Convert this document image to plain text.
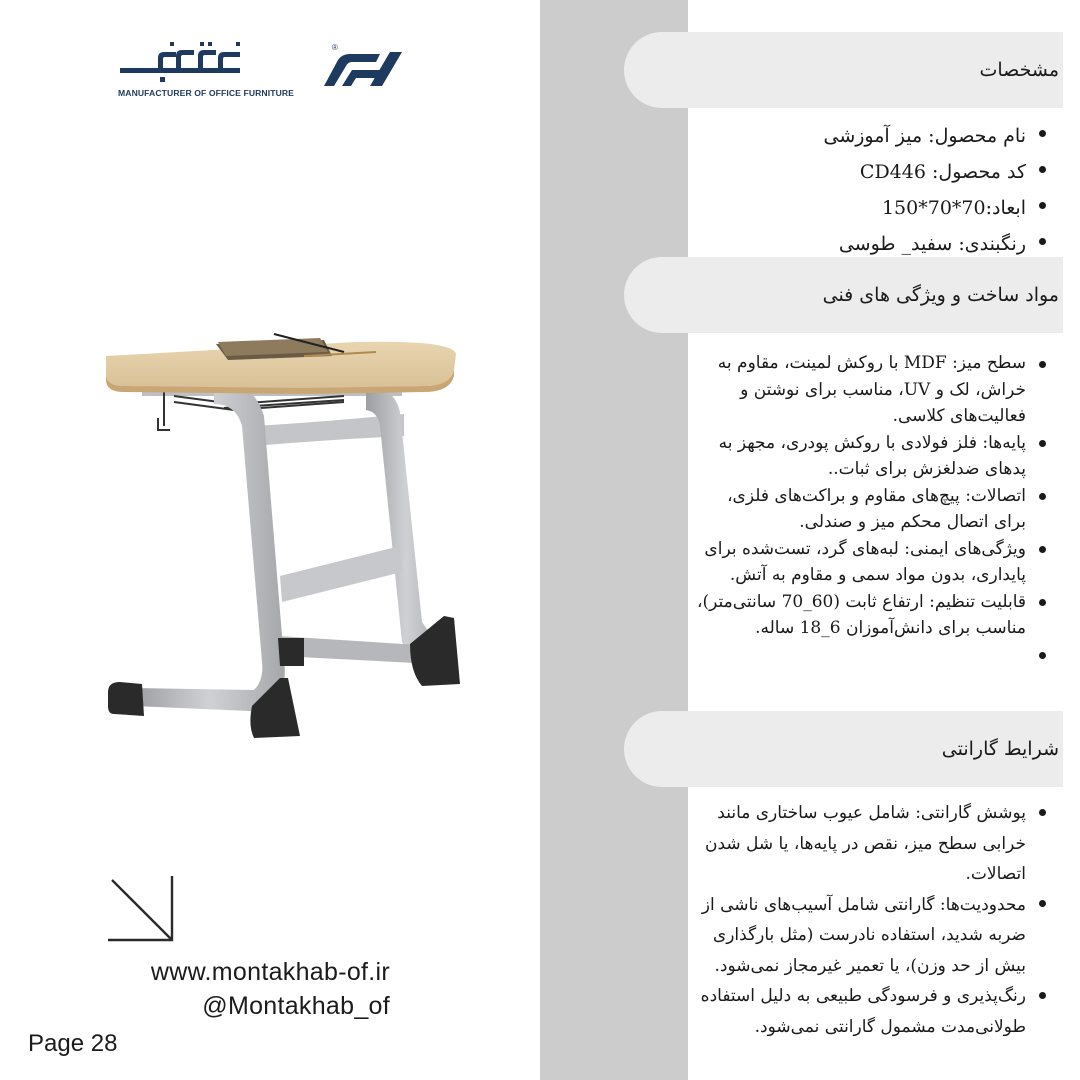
®
MANUFACTURER OF OFFICE FURNITURE
www.montakhab-of.ir
@Montakhab_of
Page 28
مشخصات
نام محصول: میز آموزشی
کد محصول: CD446
ابعاد:70*70*150
رنگبندی: سفید_ طوسی
مواد ساخت و ویژگی های فنی
سطح میز: MDF با روکش لمینت، مقاوم به خراش، لک و UV، مناسب برای نوشتن و فعالیت‌های کلاسی.
پایه‌ها: فلز فولادی با روکش پودری، مجهز به پدهای ضدلغزش برای ثبات..
اتصالات: پیچ‌های مقاوم و براکت‌های فلزی، برای اتصال محکم میز و صندلی.
ویژگی‌های ایمنی: لبه‌های گرد، تست‌شده برای پایداری، بدون مواد سمی و مقاوم به آتش.
قابلیت تنظیم: ارتفاع ثابت (60_70 سانتی‌متر)، مناسب برای دانش‌آموزان 6_18 ساله.
شرایط گارانتی
پوشش گارانتی: شامل عیوب ساختاری مانند خرابی سطح میز، نقص در پایه‌ها، یا شل شدن اتصالات.
محدودیت‌ها: گارانتی شامل آسیب‌های ناشی از ضربه شدید، استفاده نادرست (مثل بارگذاری بیش از حد وزن)، یا تعمیر غیرمجاز نمی‌شود.
رنگ‌پذیری و فرسودگی طبیعی به دلیل استفاده طولانی‌مدت مشمول گارانتی نمی‌شود.
